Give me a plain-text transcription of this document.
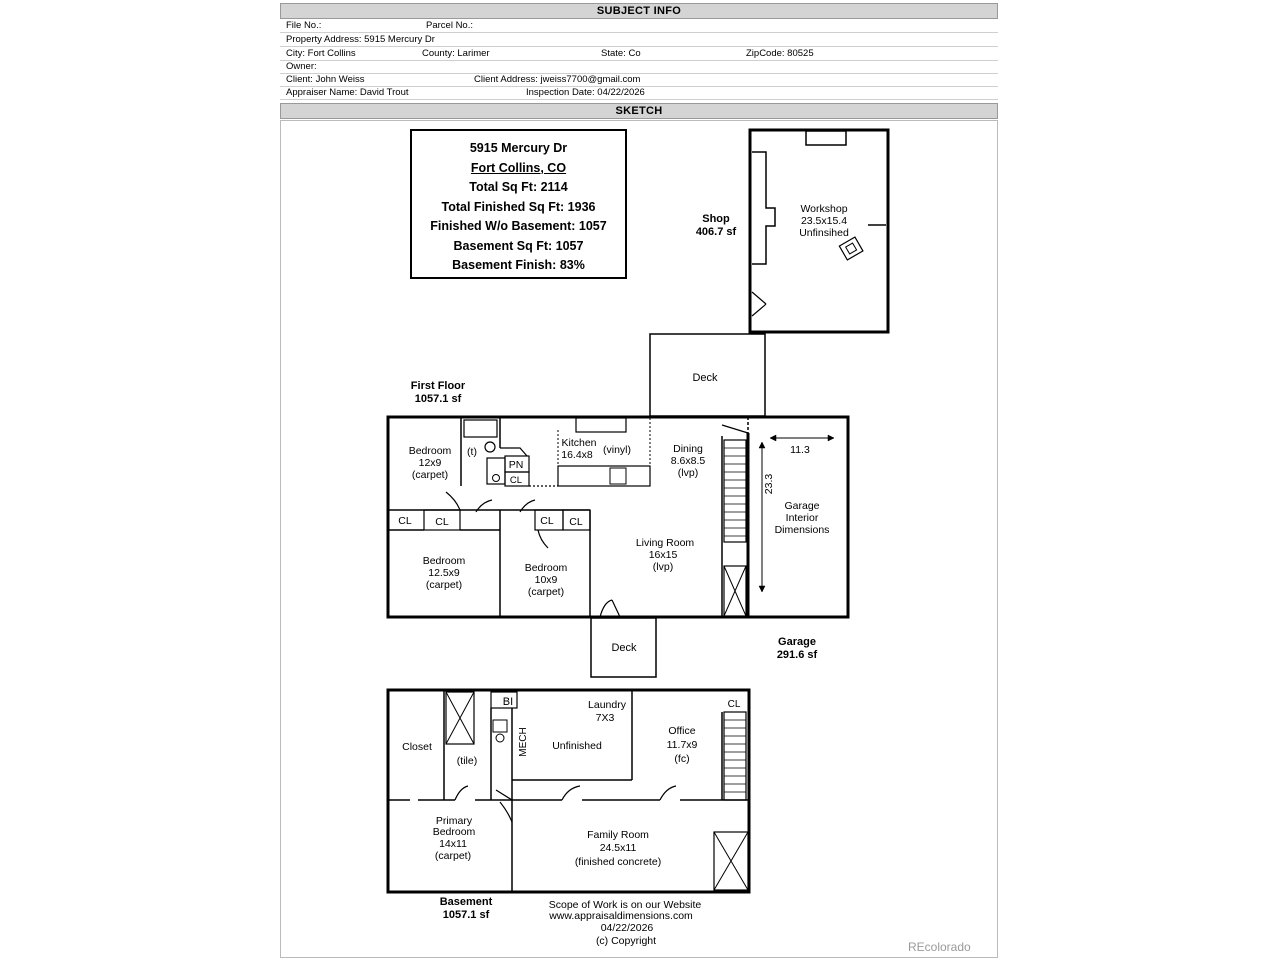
SUBJECT INFO
File No.:	Parcel No.:
Property Address: 5915 Mercury Dr
City: Fort Collins	County: Larimer	State: Co	ZipCode: 80525
Owner:
Client: John Weiss	Client Address: jweiss7700@gmail.com
Appraiser Name: David Trout	Inspection Date: 04/22/2026
SKETCH
5915 Mercury Dr
Fort Collins, CO
Total Sq Ft: 2114
Total Finished Sq Ft: 1936
Finished W/o Basement: 1057
Basement Sq Ft: 1057
Basement Finish: 83%
REcolorado
Shop
406.7 sf
Workshop
23.5x15.4
Unfinsihed
Deck
First Floor
1057.1 sf
Bedroom
12x9
(carpet)
(t)
PN
CL
Kitchen
16.4x8 (vinyl)	Dining
8.6x8.5
(lvp)
CL CL	CL CL
Bedroom
12.5x9
(carpet)
Bedroom
10x9
(carpet)
Living Room
16x15
(lvp)
11.3
23.3
Garage
Interior
Dimensions
Garage
291.6 sf
Deck
BI
MECH
Closet
(tile)
Laundry
7X3
Unfinished
CL
Office
11.7x9
(fc)
Primary
Bedroom
14x11
(carpet)
Family Room
24.5x11
(finished concrete)
Basement
1057.1 sf
Scope of Work is on our Website
www.appraisaldimensions.com
04/22/2026
(c) Copyright
